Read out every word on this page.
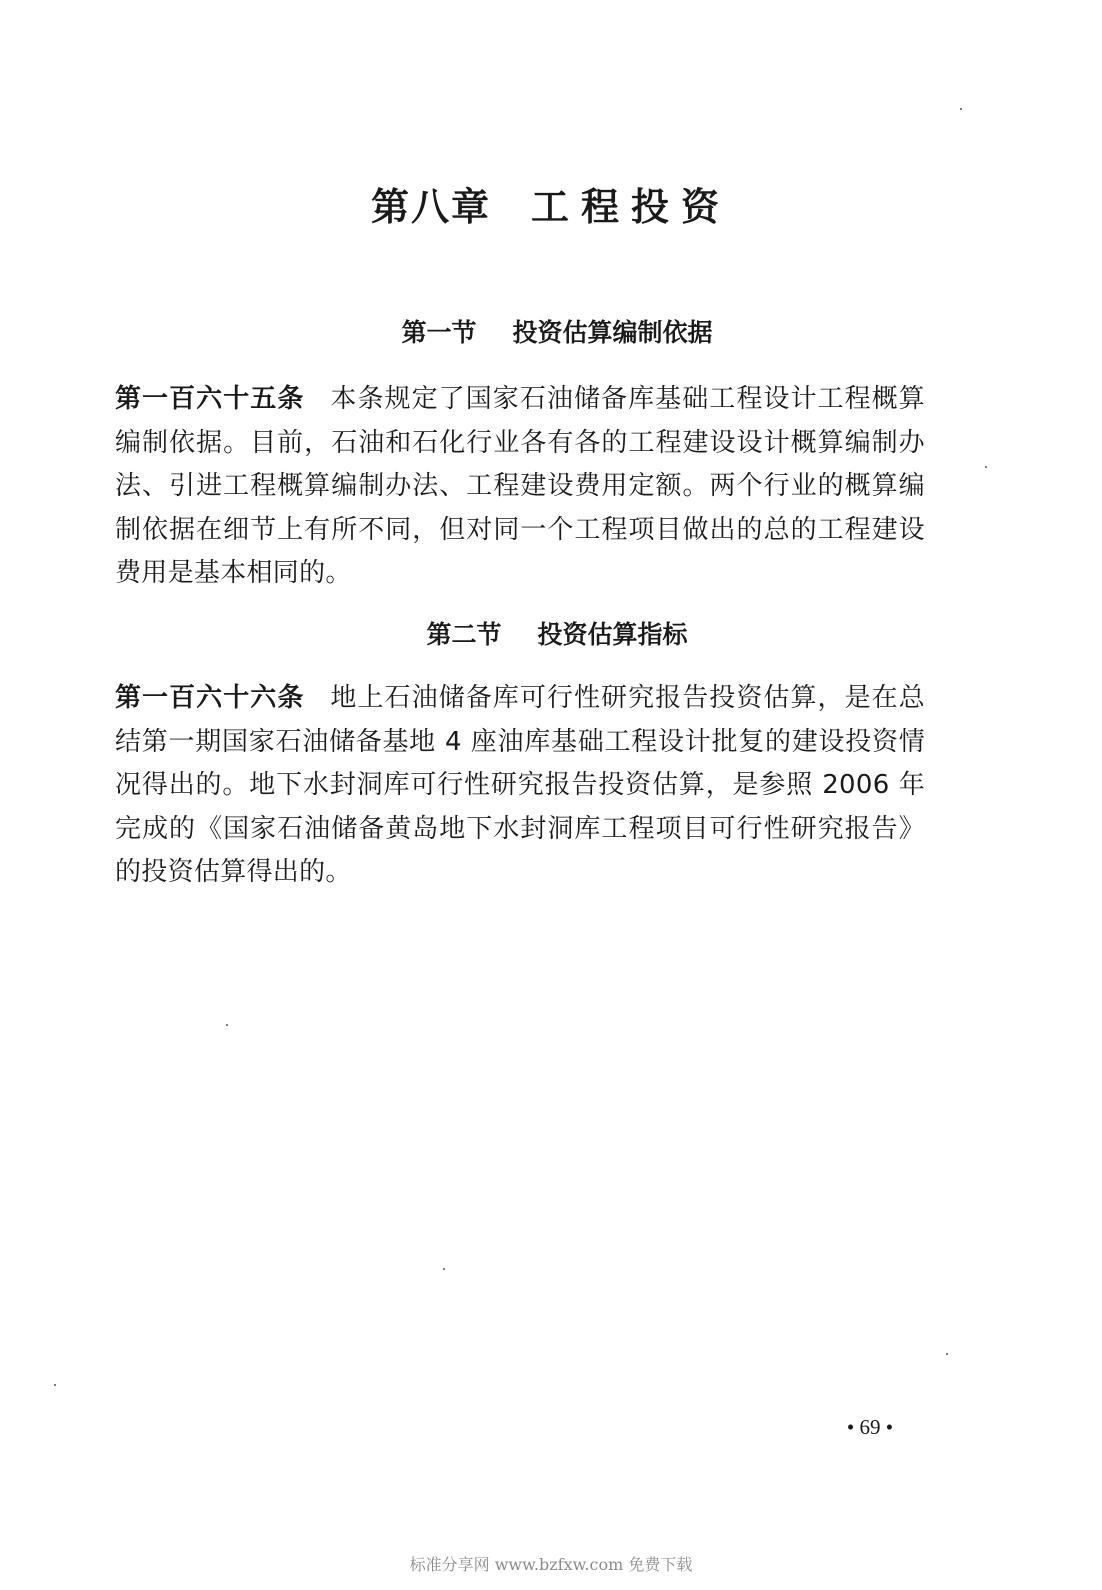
第八章 工程投资
第一节 投资估算编制依据

第一百六十五条 本条规定了国家石油储备库基础工程设计工程概算编制依据。目前，石油和石化行业各有各的工程建设设计概算编制办法、引进工程概算编制办法、工程建设费用定额。两个行业的概算编制依据在细节上有所不同，但对同一个工程项目做出的总的工程建设费用是基本相同的。

第二节 投资估算指标

第一百六十六条 地上石油储备库可行性研究报告投资估算，是在总结第一期国家石油储备基地 4 座油库基础工程设计批复的建设投资情况得出的。地下水封洞库可行性研究报告投资估算，是参照 2006 年完成的《国家石油储备黄岛地下水封洞库工程项目可行性研究报告》的投资估算得出的。

• 69 •
标准分享网 www.bzfxw.com 免费下载
